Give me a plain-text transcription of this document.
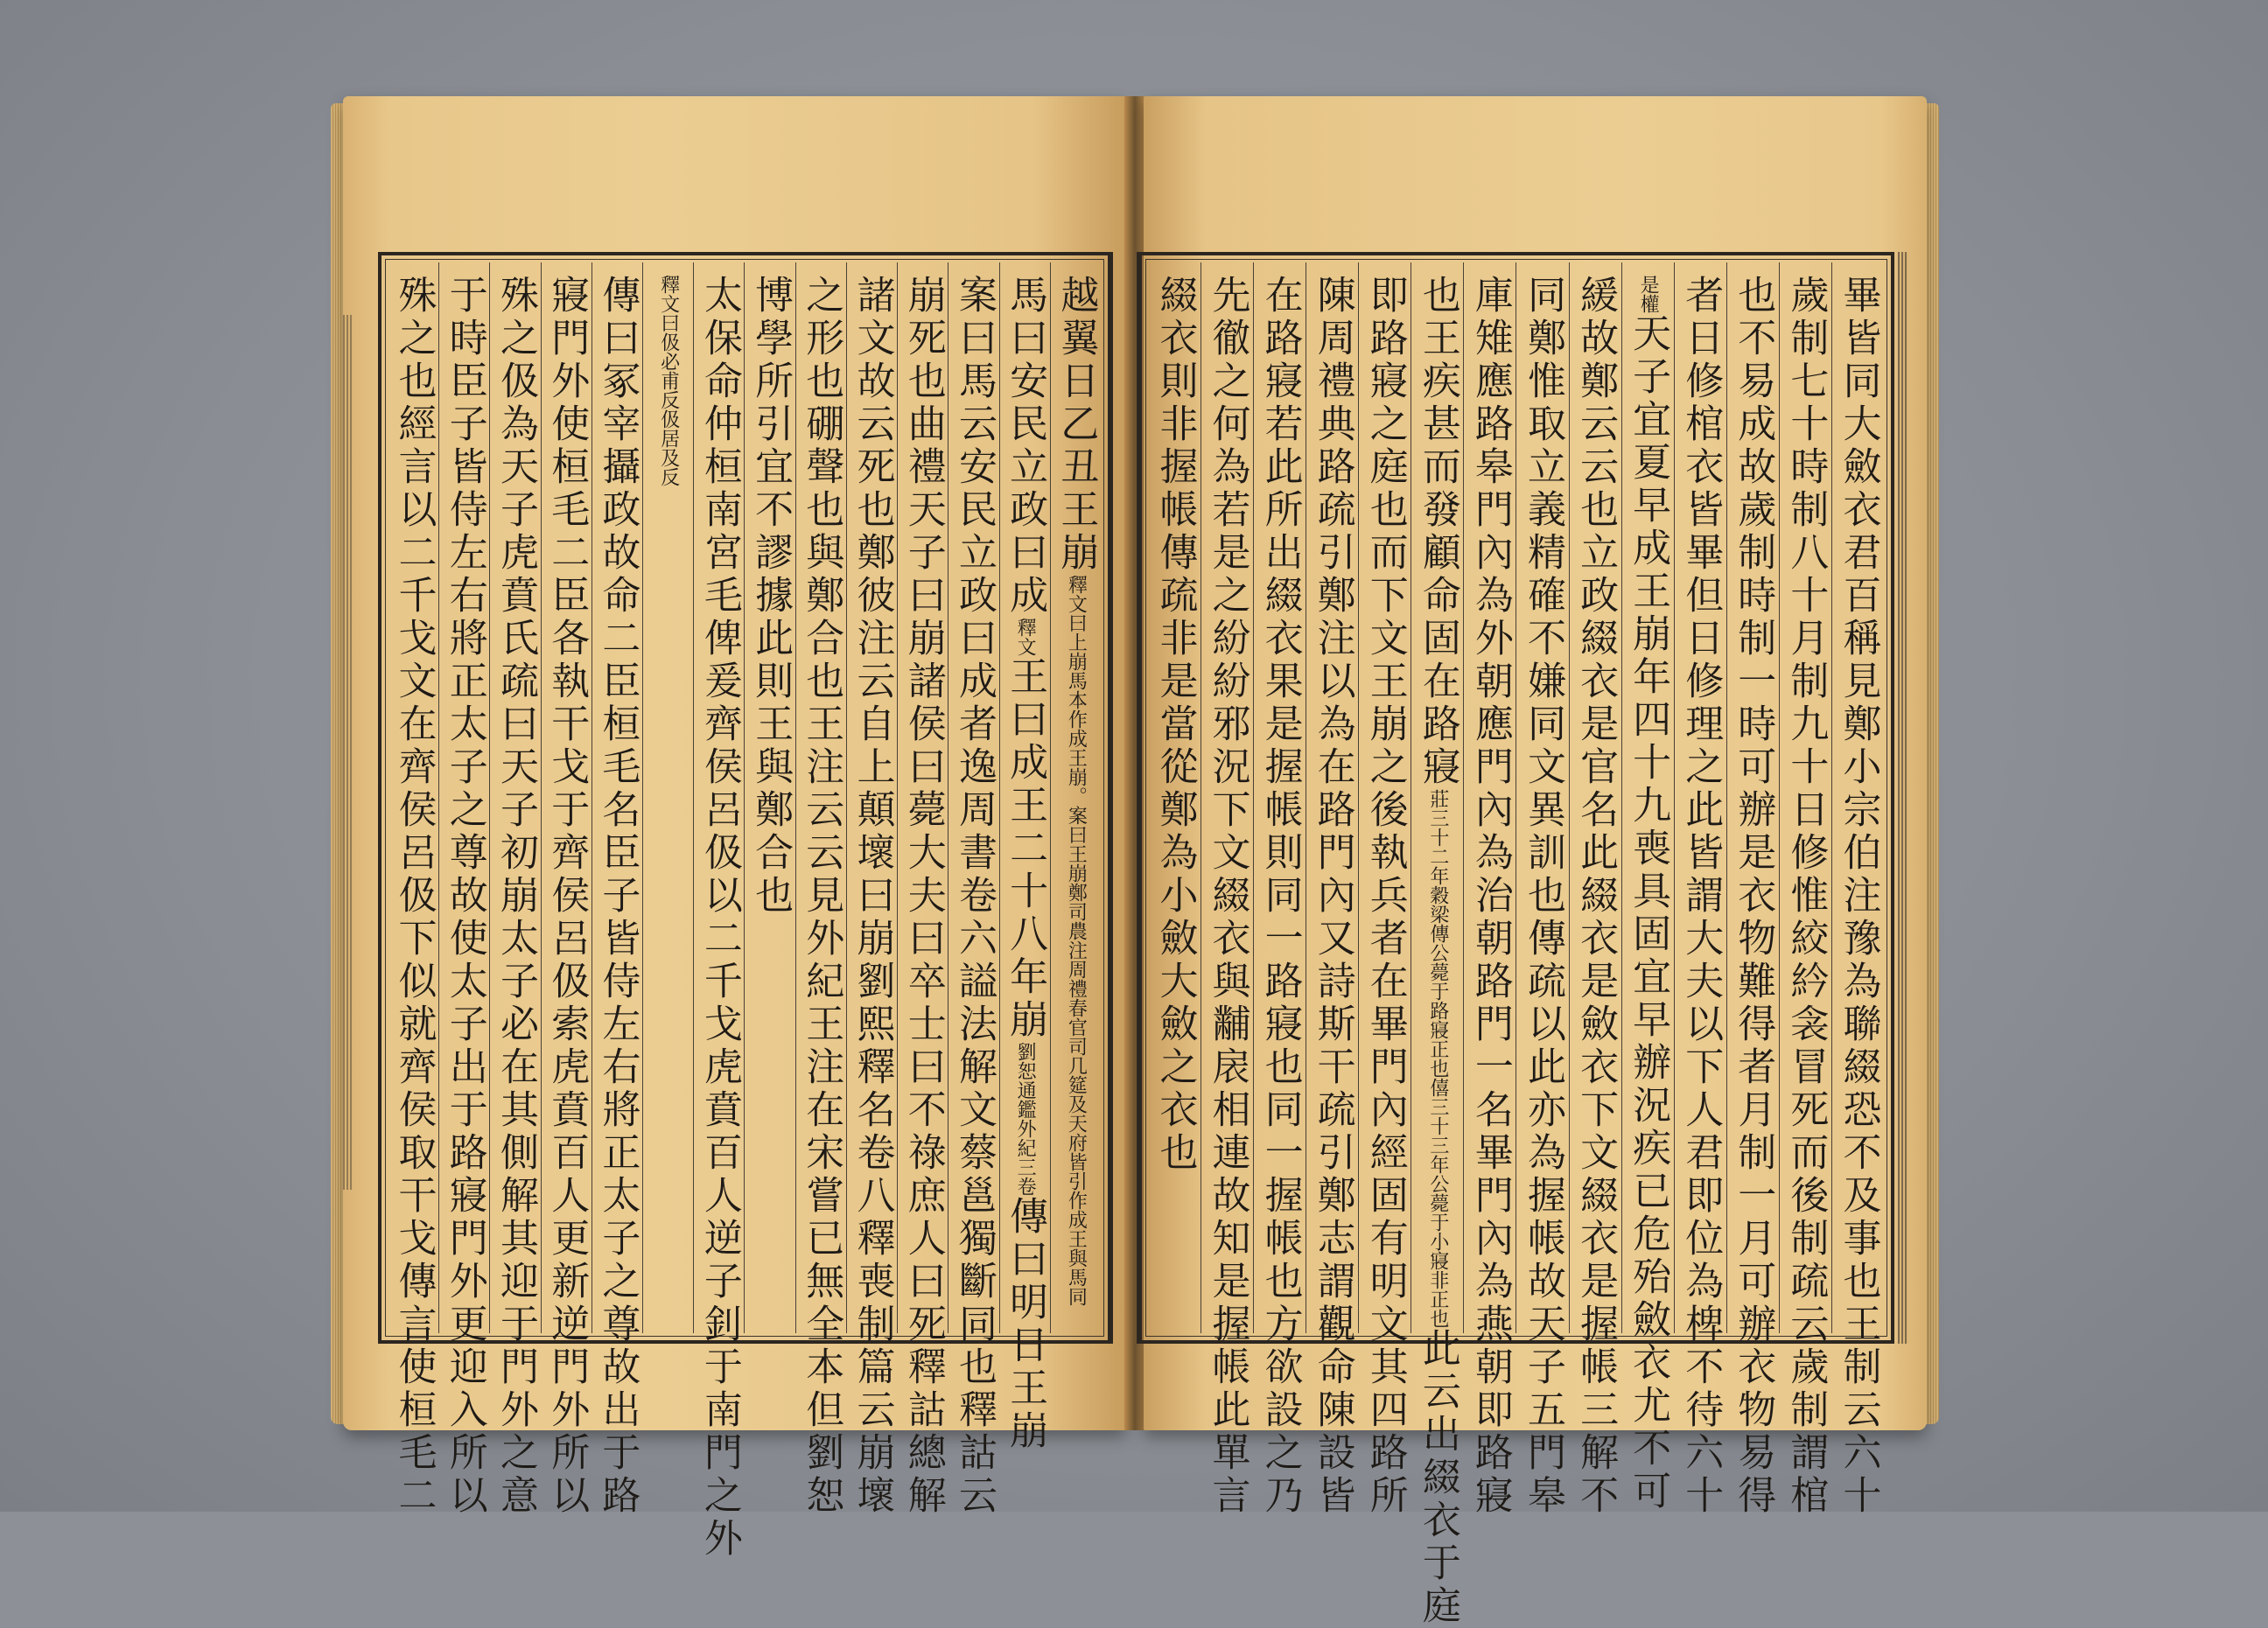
越翼日乙丑王崩釋文曰上崩馬本作成王崩。案曰王崩鄭司農注周禮春官司几筵及天府皆引作成王與馬同
馬曰安民立政曰成釋文王曰成王二十八年崩劉恕通鑑外紀三卷傳曰明日王崩
案曰馬云安民立政曰成者逸周書卷六謚法解文蔡邕獨斷同也釋詁云
崩死也曲禮天子曰崩諸侯曰薨大夫曰卒士曰不祿庶人曰死釋詁總解
諸文故云死也鄭彼注云自上顛壞曰崩劉熙釋名卷八釋喪制篇云崩壞
之形也硼聲也與鄭合也王注云云見外紀王注在宋嘗已無全本但劉恕
博學所引宜不謬據此則王與鄭合也
太保命仲桓南宮毛俾爰齊侯呂伋以二千戈虎賁百人逆子釗于南門之外
釋文曰伋必甫反伋居及反
傳曰冢宰攝政故命二臣桓毛名臣子皆侍左右將正太子之尊故出于路
寢門外使桓毛二臣各執干戈于齊侯呂伋索虎賁百人更新逆門外所以
殊之伋為天子虎賁氏疏曰天子初崩太子必在其側解其迎于門外之意
于時臣子皆侍左右將正太子之尊故使太子出于路寢門外更迎入所以
殊之也經言以二千戈文在齊侯呂伋下似就齊侯取干戈傳言使桓毛二	畢皆同大斂衣君百稱見鄭小宗伯注豫為聯綴恐不及事也王制云六十
歲制七十時制八十月制九十日修惟絞紟衾冒死而後制疏云歲制謂棺
也不易成故歲制時制一時可辦是衣物難得者月制一月可辦衣物易得
者日修棺衣皆畢但日修理之此皆謂大夫以下人君即位為椑不待六十
是權天子宜夏早成王崩年四十九喪具固宜早辦況疾已危殆斂衣尤不可
緩故鄭云云也立政綴衣是官名此綴衣是斂衣下文綴衣是握帳三解不
同鄭惟取立義精確不嫌同文異訓也傳疏以此亦為握帳故天子五門皋
庫雉應路皋門內為外朝應門內為治朝路門一名畢門內為燕朝即路寢
也王疾甚而發顧命固在路寢莊三十二年穀梁傳公薨于路寢正也僖三十三年公薨于小寢非正也此云出綴衣于庭
即路寢之庭也而下文王崩之後執兵者在畢門內經固有明文其四路所
陳周禮典路疏引鄭注以為在路門內又詩斯干疏引鄭志謂觀命陳設皆
在路寢若此所出綴衣果是握帳則同一路寢也同一握帳也方欲設之乃
先徹之何為若是之紛紛邪況下文綴衣與黼扆相連故知是握帳此單言
綴衣則非握帳傳疏非是當從鄭為小斂大斂之衣也
